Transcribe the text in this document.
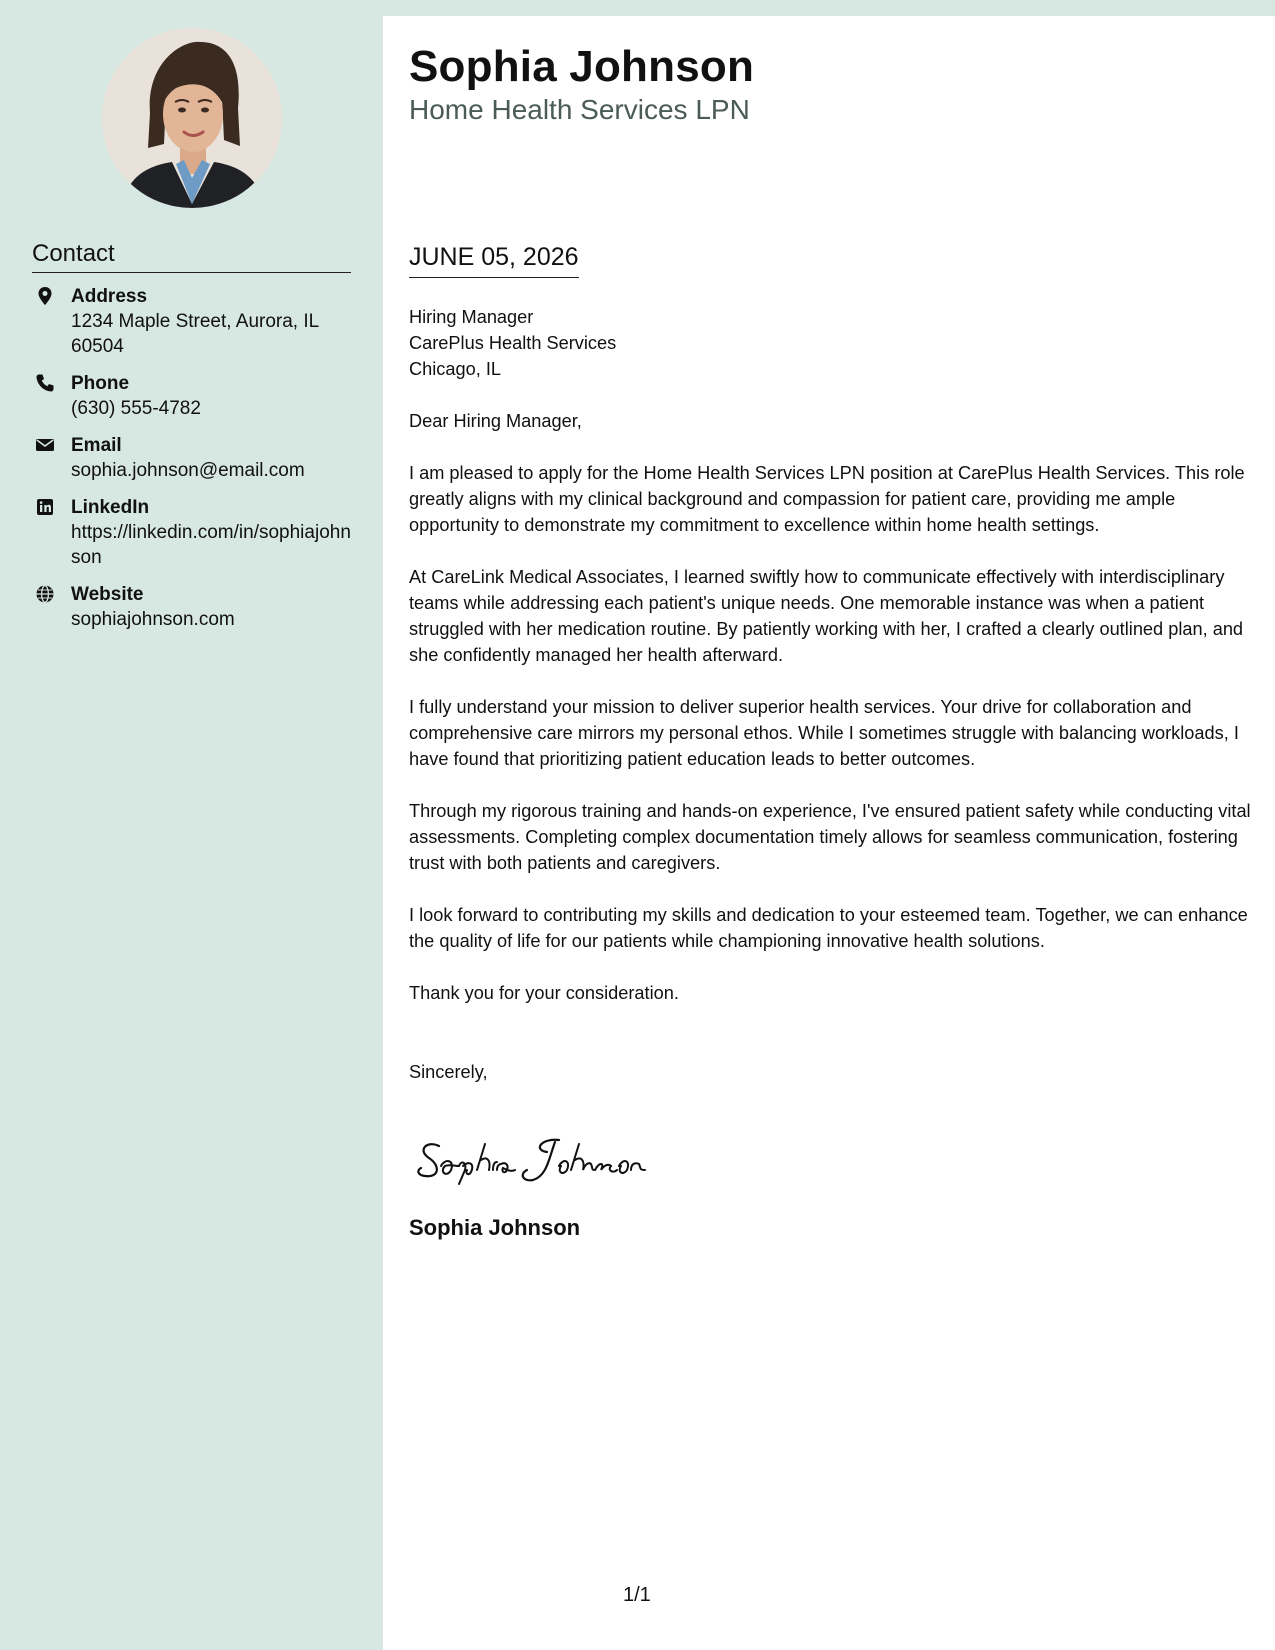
Contact
Address
1234 Maple Street, Aurora, IL 60504
Phone
(630) 555-4782
Email
sophia.johnson@email.com
LinkedIn
https://linkedin.com/in/sophiajohnson
Website
sophiajohnson.com
Sophia Johnson
Home Health Services LPN
JUNE 05, 2026
Hiring Manager
CarePlus Health Services
Chicago, IL
Dear Hiring Manager,
I am pleased to apply for the Home Health Services LPN position at CarePlus Health Services. This role greatly aligns with my clinical background and compassion for patient care, providing me ample opportunity to demonstrate my commitment to excellence within home health settings.
At CareLink Medical Associates, I learned swiftly how to communicate effectively with interdisciplinary teams while addressing each patient's unique needs. One memorable instance was when a patient struggled with her medication routine. By patiently working with her, I crafted a clearly outlined plan, and she confidently managed her health afterward.
I fully understand your mission to deliver superior health services. Your drive for collaboration and comprehensive care mirrors my personal ethos. While I sometimes struggle with balancing workloads, I have found that prioritizing patient education leads to better outcomes.
Through my rigorous training and hands-on experience, I've ensured patient safety while conducting vital assessments. Completing complex documentation timely allows for seamless communication, fostering trust with both patients and caregivers.
I look forward to contributing my skills and dedication to your esteemed team. Together, we can enhance the quality of life for our patients while championing innovative health solutions.
Thank you for your consideration.
Sincerely,
Sophia Johnson
1/1
